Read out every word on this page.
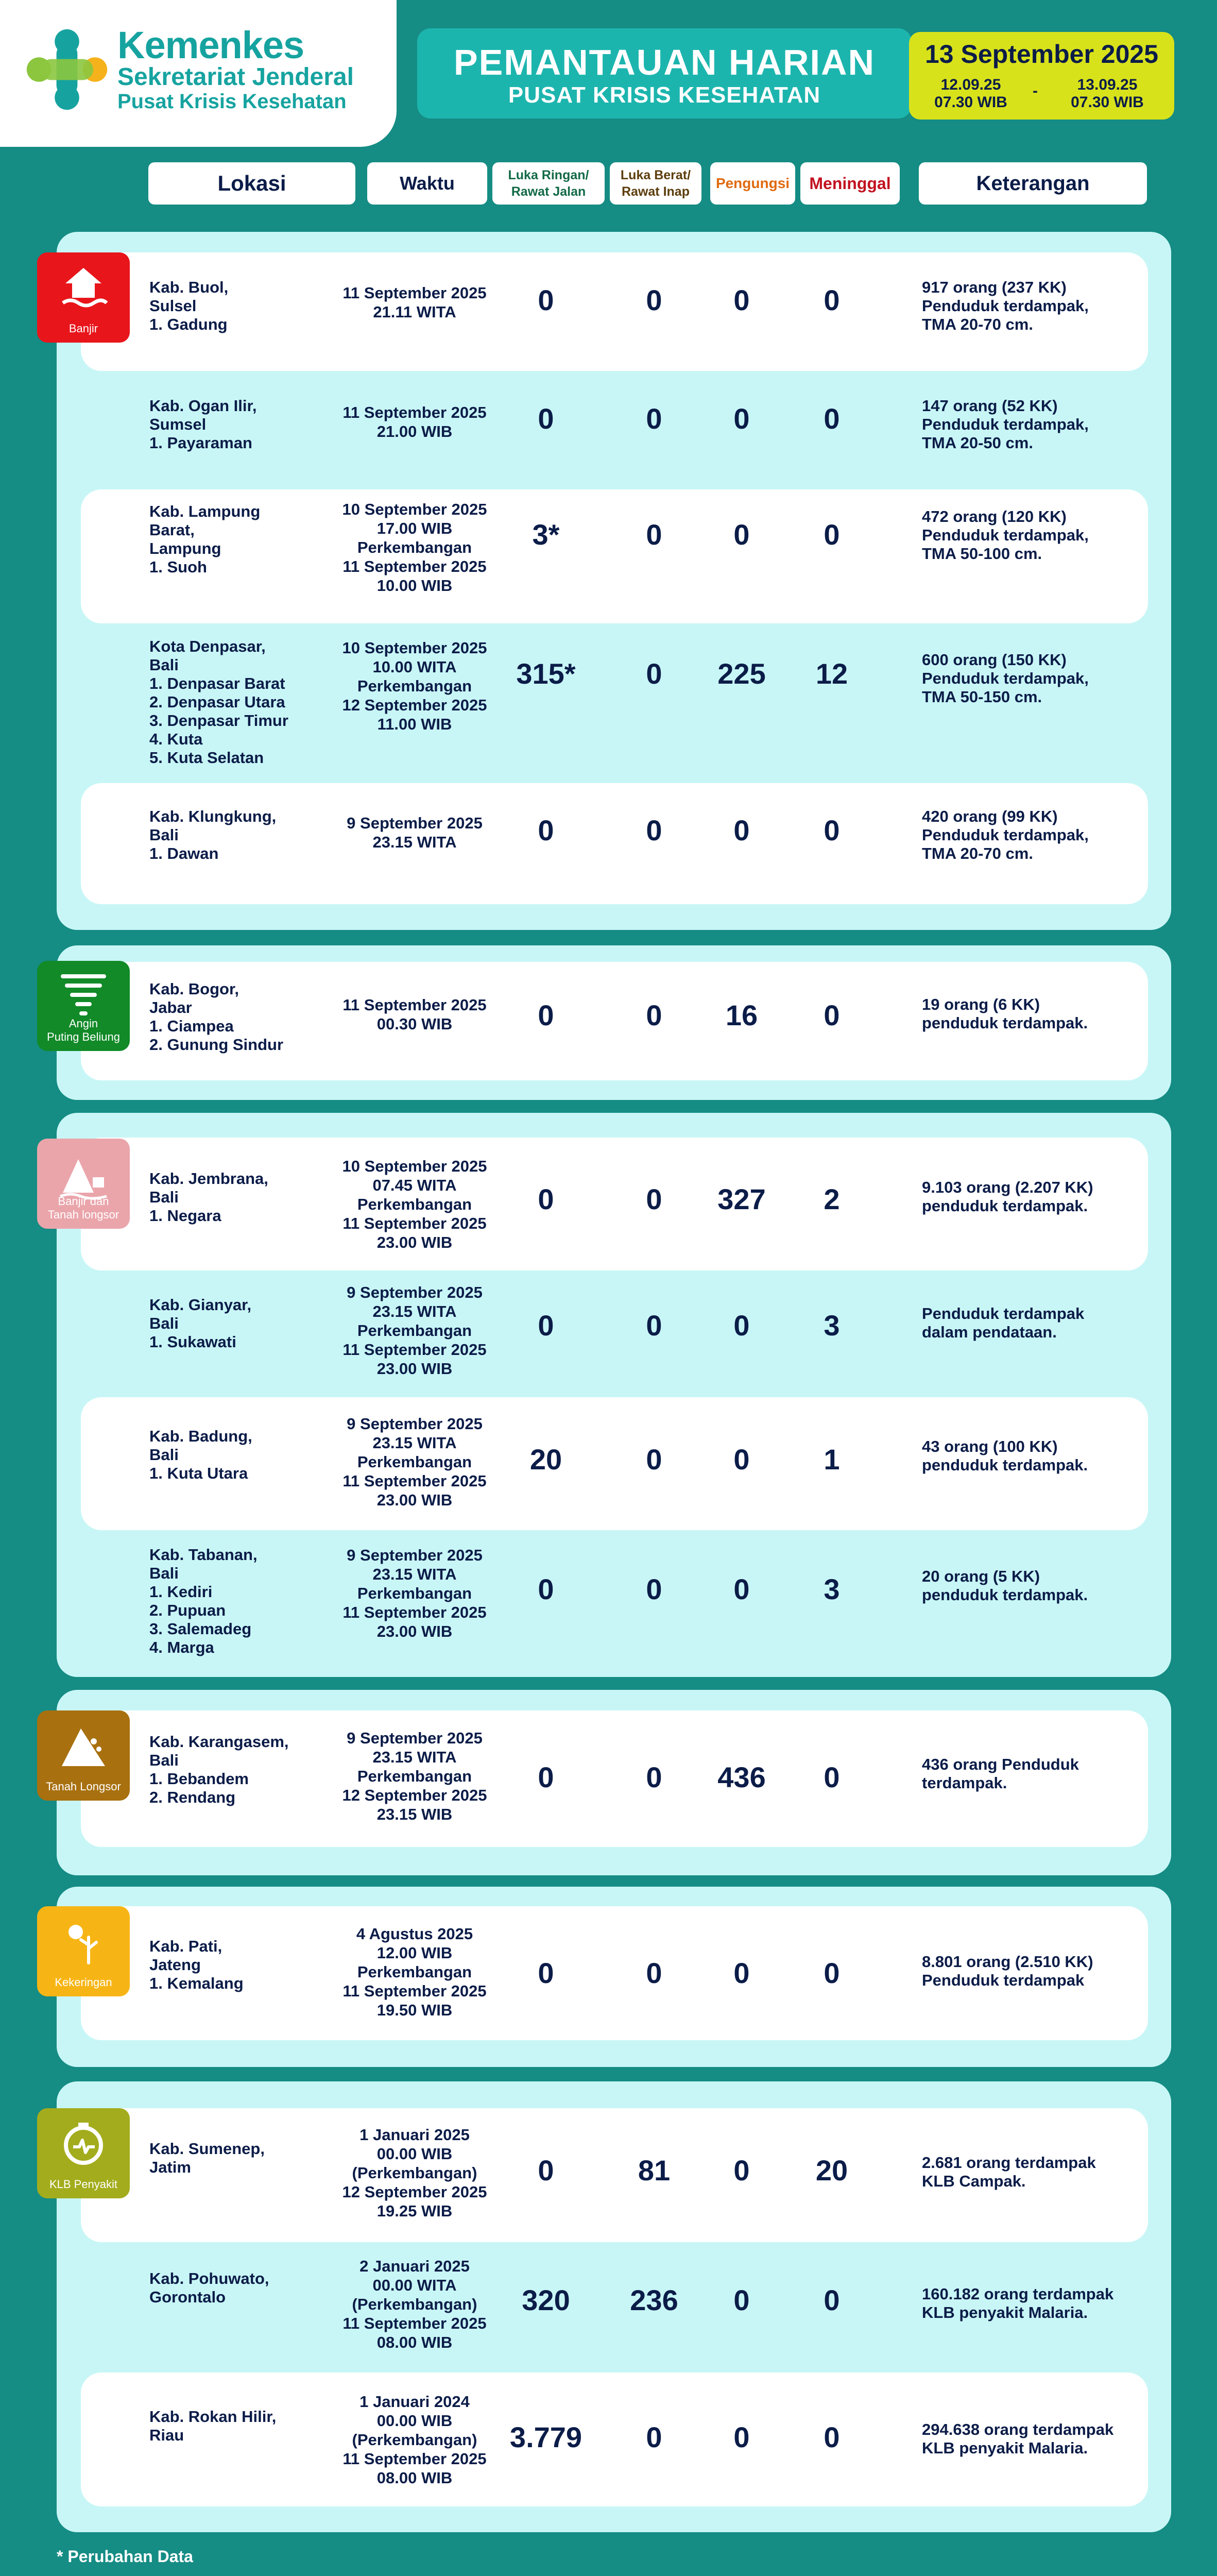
Kemenkes
Sekretariat Jenderal
Pusat Krisis Kesehatan
PEMANTAUAN HARIAN
PUSAT KRISIS KESEHATAN
13 September 2025
12.09.25
07.30 WIB
-	13.09.25
07.30 WIB
Lokasi	Waktu	Luka Ringan/
Rawat Jalan
Luka Berat/
Rawat Inap
Pengungsi	Meninggal	Keterangan
Banjir
Angin
Puting Beliung
Banjir dan
Tanah longsor
Tanah Longsor
Kekeringan
KLB Penyakit
Kab. Buol,
Sulsel
1. Gadung
11 September 2025
21.11 WITA	0	0	0	0	917 orang (237 KK)
Penduduk terdampak,
TMA 20-70 cm.
Kab. Ogan Ilir,
Sumsel
1. Payaraman
11 September 2025
21.00 WIB	0	0	0	0	147 orang (52 KK)
Penduduk terdampak,
TMA 20-50 cm.
Kab. Lampung
Barat,
Lampung
1. Suoh
10 September 2025
17.00 WIB
Perkembangan
11 September 2025
10.00 WIB
3*	0	0	0
472 orang (120 KK)
Penduduk terdampak,
TMA 50-100 cm.
Kota Denpasar,
Bali
1. Denpasar Barat
2. Denpasar Utara
3. Denpasar Timur
4. Kuta
5. Kuta Selatan
10 September 2025
10.00 WITA
Perkembangan
12 September 2025
11.00 WIB
315*	0	225	12	600 orang (150 KK)
Penduduk terdampak,
TMA 50-150 cm.
Kab. Klungkung,
Bali
1. Dawan
9 September 2025
23.15 WITA	0	0	0	0	420 orang (99 KK)
Penduduk terdampak,
TMA 20-70 cm.
Kab. Bogor,
Jabar
1. Ciampea
2. Gunung Sindur
11 September 2025
00.30 WIB	0	0	16	0	19 orang (6 KK)
penduduk terdampak.
Kab. Jembrana,
Bali
1. Negara
10 September 2025
07.45 WITA
Perkembangan
11 September 2025
23.00 WIB
0	0	327	2	9.103 orang (2.207 KK)
penduduk terdampak.
Kab. Gianyar,
Bali
1. Sukawati
9 September 2025
23.15 WITA
Perkembangan
11 September 2025
23.00 WIB
0	0	0	3	Penduduk terdampak
dalam pendataan.
Kab. Badung,
Bali
1. Kuta Utara
9 September 2025
23.15 WITA
Perkembangan
11 September 2025
23.00 WIB
20	0	0	1	43 orang (100 KK)
penduduk terdampak.
Kab. Tabanan,
Bali
1. Kediri
2. Pupuan
3. Salemadeg
4. Marga
9 September 2025
23.15 WITA
Perkembangan
11 September 2025
23.00 WIB
0	0	0	3	20 orang (5 KK)
penduduk terdampak.
Kab. Karangasem,
Bali
1. Bebandem
2. Rendang
9 September 2025
23.15 WITA
Perkembangan
12 September 2025
23.15 WIB
0	0	436	0	436 orang Penduduk
terdampak.
Kab. Pati,
Jateng
1. Kemalang
4 Agustus 2025
12.00 WIB
Perkembangan
11 September 2025
19.50 WIB
0	0	0	0	8.801 orang (2.510 KK)
Penduduk terdampak
Kab. Sumenep,
Jatim
1 Januari 2025
00.00 WIB
(Perkembangan)
12 September 2025
19.25 WIB
0	81	0	20	2.681 orang terdampak
KLB Campak.
Kab. Pohuwato,
Gorontalo
2 Januari 2025
00.00 WITA
(Perkembangan)
11 September 2025
08.00 WIB
320	236	0	0	160.182 orang terdampak
KLB penyakit Malaria.
Kab. Rokan Hilir,
Riau
1 Januari 2024
00.00 WIB
(Perkembangan)
11 September 2025
08.00 WIB
3.779	0	0	0	294.638 orang terdampak
KLB penyakit Malaria.
* Perubahan Data
